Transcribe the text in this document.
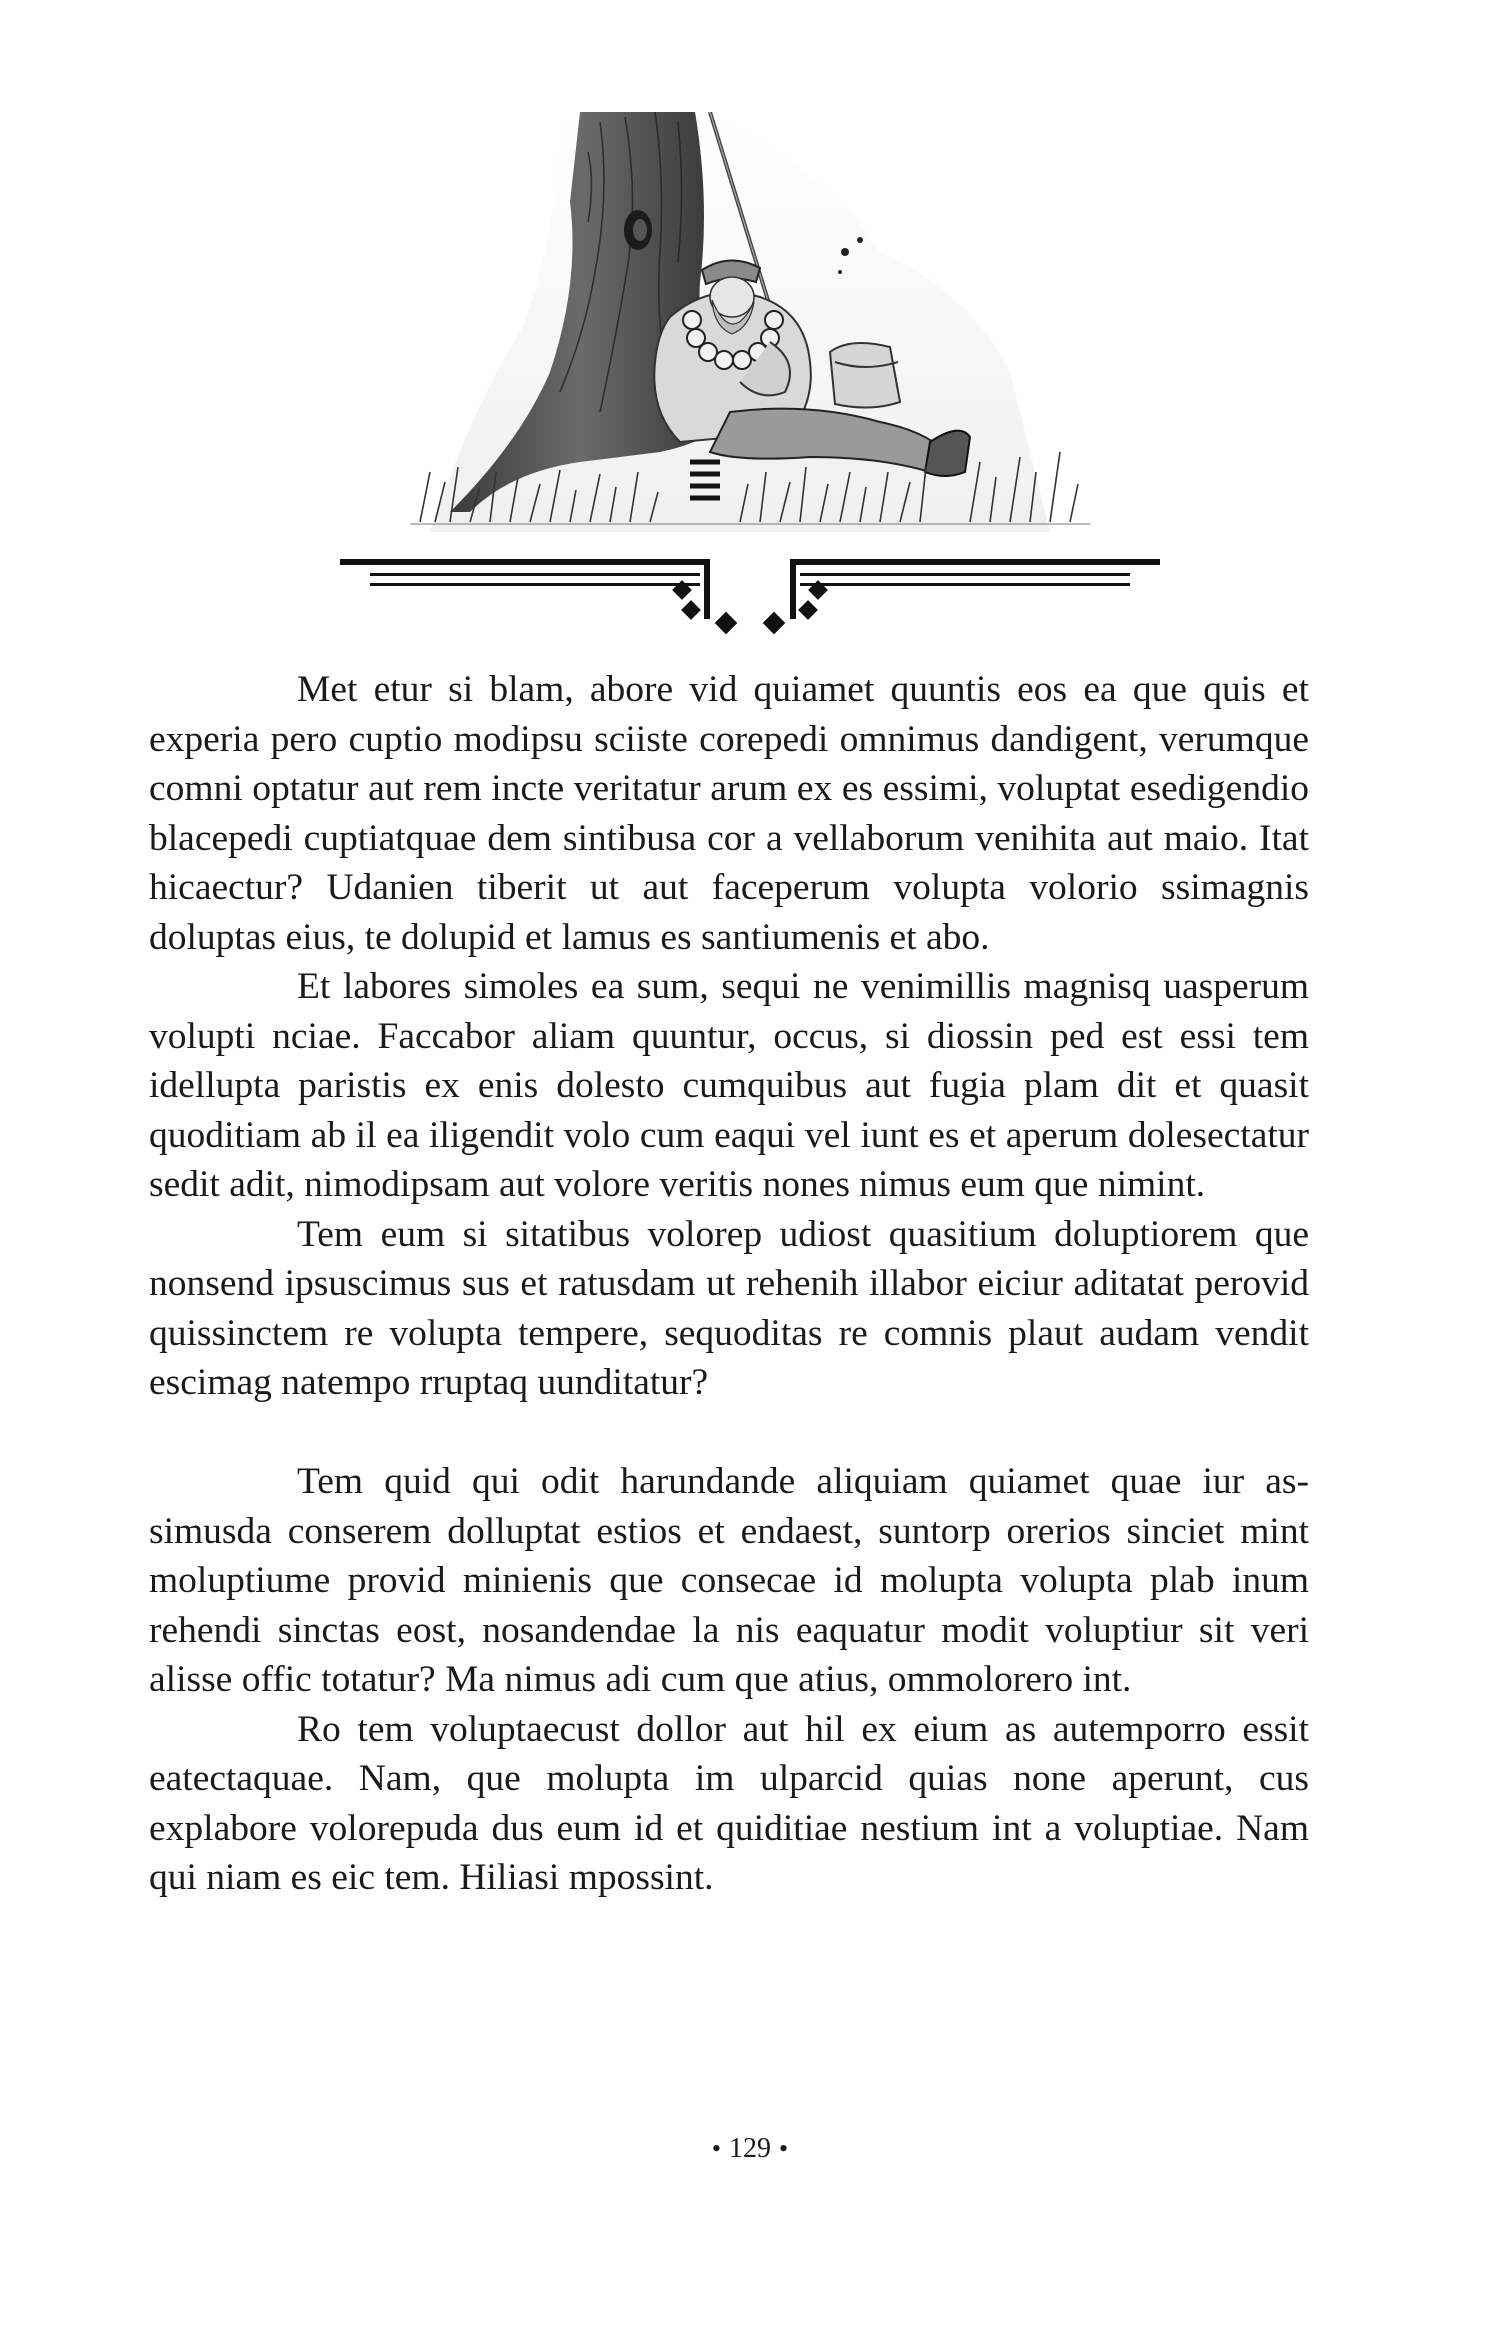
Met etur si blam, abore vid quiamet quuntis eos ea que quis et experia pero cuptio modipsu sciiste corepedi omnimus dandigent, verumque comni optatur aut rem incte veritatur arum ex es essimi, voluptat esedigendio blacepedi cuptiatquae dem sintibusa cor a vellaborum venihita aut maio. Itat hicaectur? Udanien tiberit ut aut faceperum volupta volorio ssimagnis doluptas eius, te dolupid et lamus es santiumenis et abo.

Et labores simoles ea sum, sequi ne venimillis magnisq uasperum volupti nciae. Faccabor aliam quuntur, occus, si diossin ped est essi tem idellupta paristis ex enis dolesto cumquibus aut fugia plam dit et quasit quoditiam ab il ea iligendit volo cum eaqui vel iunt es et aperum dolesectatur sedit adit, nimodipsam aut volore veritis nones nimus eum que nimint.

Tem eum si sitatibus volorep udiost quasitium doluptiorem que nonsend ipsuscimus sus et ratusdam ut rehenih illabor eiciur aditatat perovid quissinctem re volupta tempere, sequoditas re comnis plaut audam vendit escimag natempo rruptaq uunditatur?

Tem quid qui odit harundande aliquiam quiamet quae iur assimusda conserem dolluptat estios et endaest, suntorp orerios sinciet mint moluptiume provid minienis que consecae id molupta volupta plab inum rehendi sinctas eost, nosandendae la nis eaquatur modit voluptiur sit veri alisse offic totatur? Ma nimus adi cum que atius, ommolorero int.

Ro tem voluptaecust dollor aut hil ex eium as autemporro essit eatectaquae. Nam, que molupta im ulparcid quias none aperunt, cus explabore volorepuda dus eum id et quiditiae nestium int a voluptiae. Nam qui niam es eic tem. Hiliasi mpossint.

• 129 •
